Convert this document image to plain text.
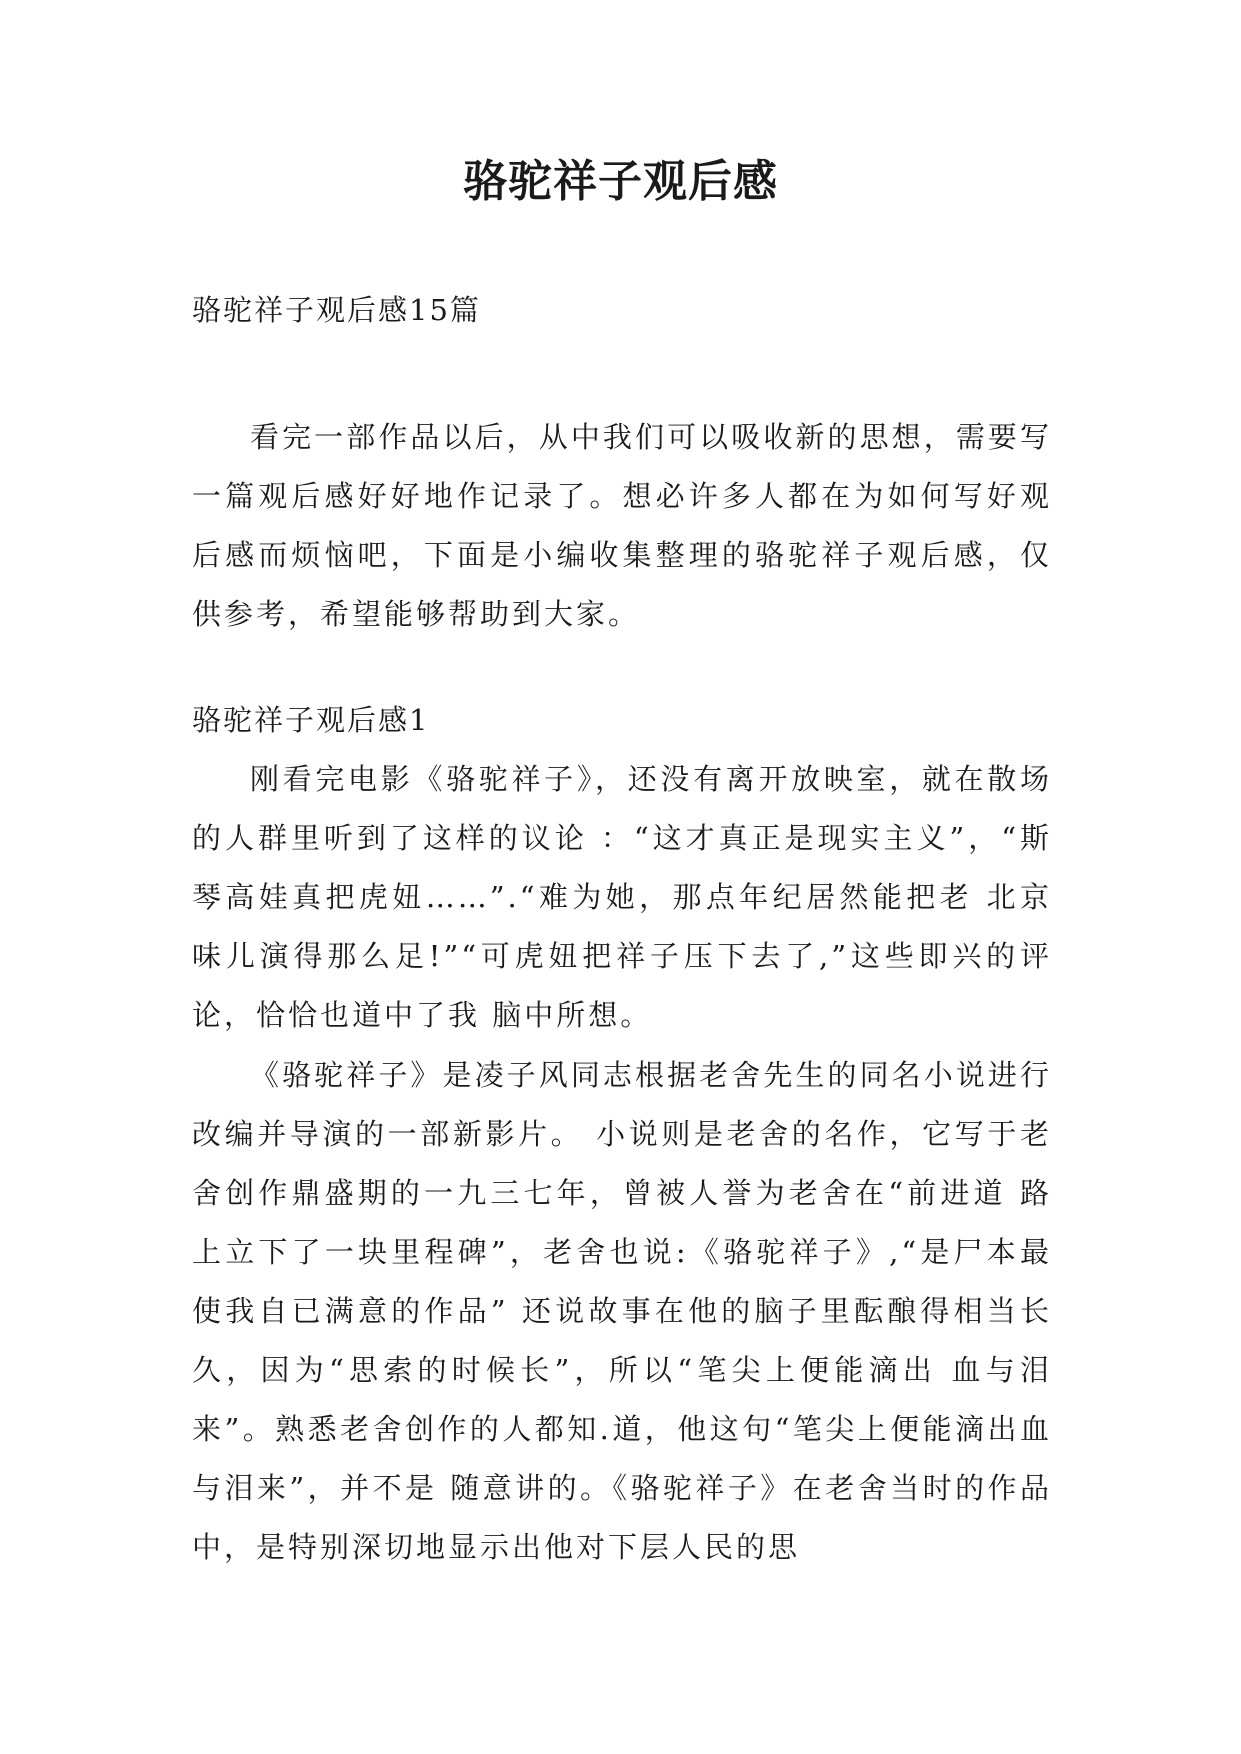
骆驼祥子观后感
骆驼祥子观后感15篇

看完一部作品以后，从中我们可以吸收新的思想，需要写一篇观后感好好地作记录了。想必许多人都在为如何写好观后感而烦恼吧，下面是小编收集整理的骆驼祥子观后感，仅供参考，希望能够帮助到大家。

骆驼祥子观后感1

刚看完电影《骆驼祥子》，还没有离开放映室，就在散场的人群里听到了这样的议论 ：“这才真正是现实主义”，“斯琴高娃真把虎妞……”.“难为她，那点年纪居然能把老 北京味儿演得那么足!”“可虎妞把祥子压下去了,”这些即兴的评论，恰恰也道中了我 脑中所想。

《骆驼祥子》是凌子风同志根据老舍先生的同名小说进行改编并导演的一部新影片。 小说则是老舍的名作，它写于老舍创作鼎盛期的一九三七年，曾被人誉为老舍在“前进道 路上立下了一块里程碑”，老舍也说:《骆驼祥子》,“是尸本最使我自已满意的作品” 还说故事在他的脑子里酝酿得相当长久，因为“思索的时候长”，所以“笔尖上便能滴出 血与泪来”。熟悉老舍创作的人都知.道，他这句“笔尖上便能滴出血与泪来”，并不是 随意讲的。《骆驼祥子》在老舍当时的作品中，是特别深切地显示出他对下层人民的思
